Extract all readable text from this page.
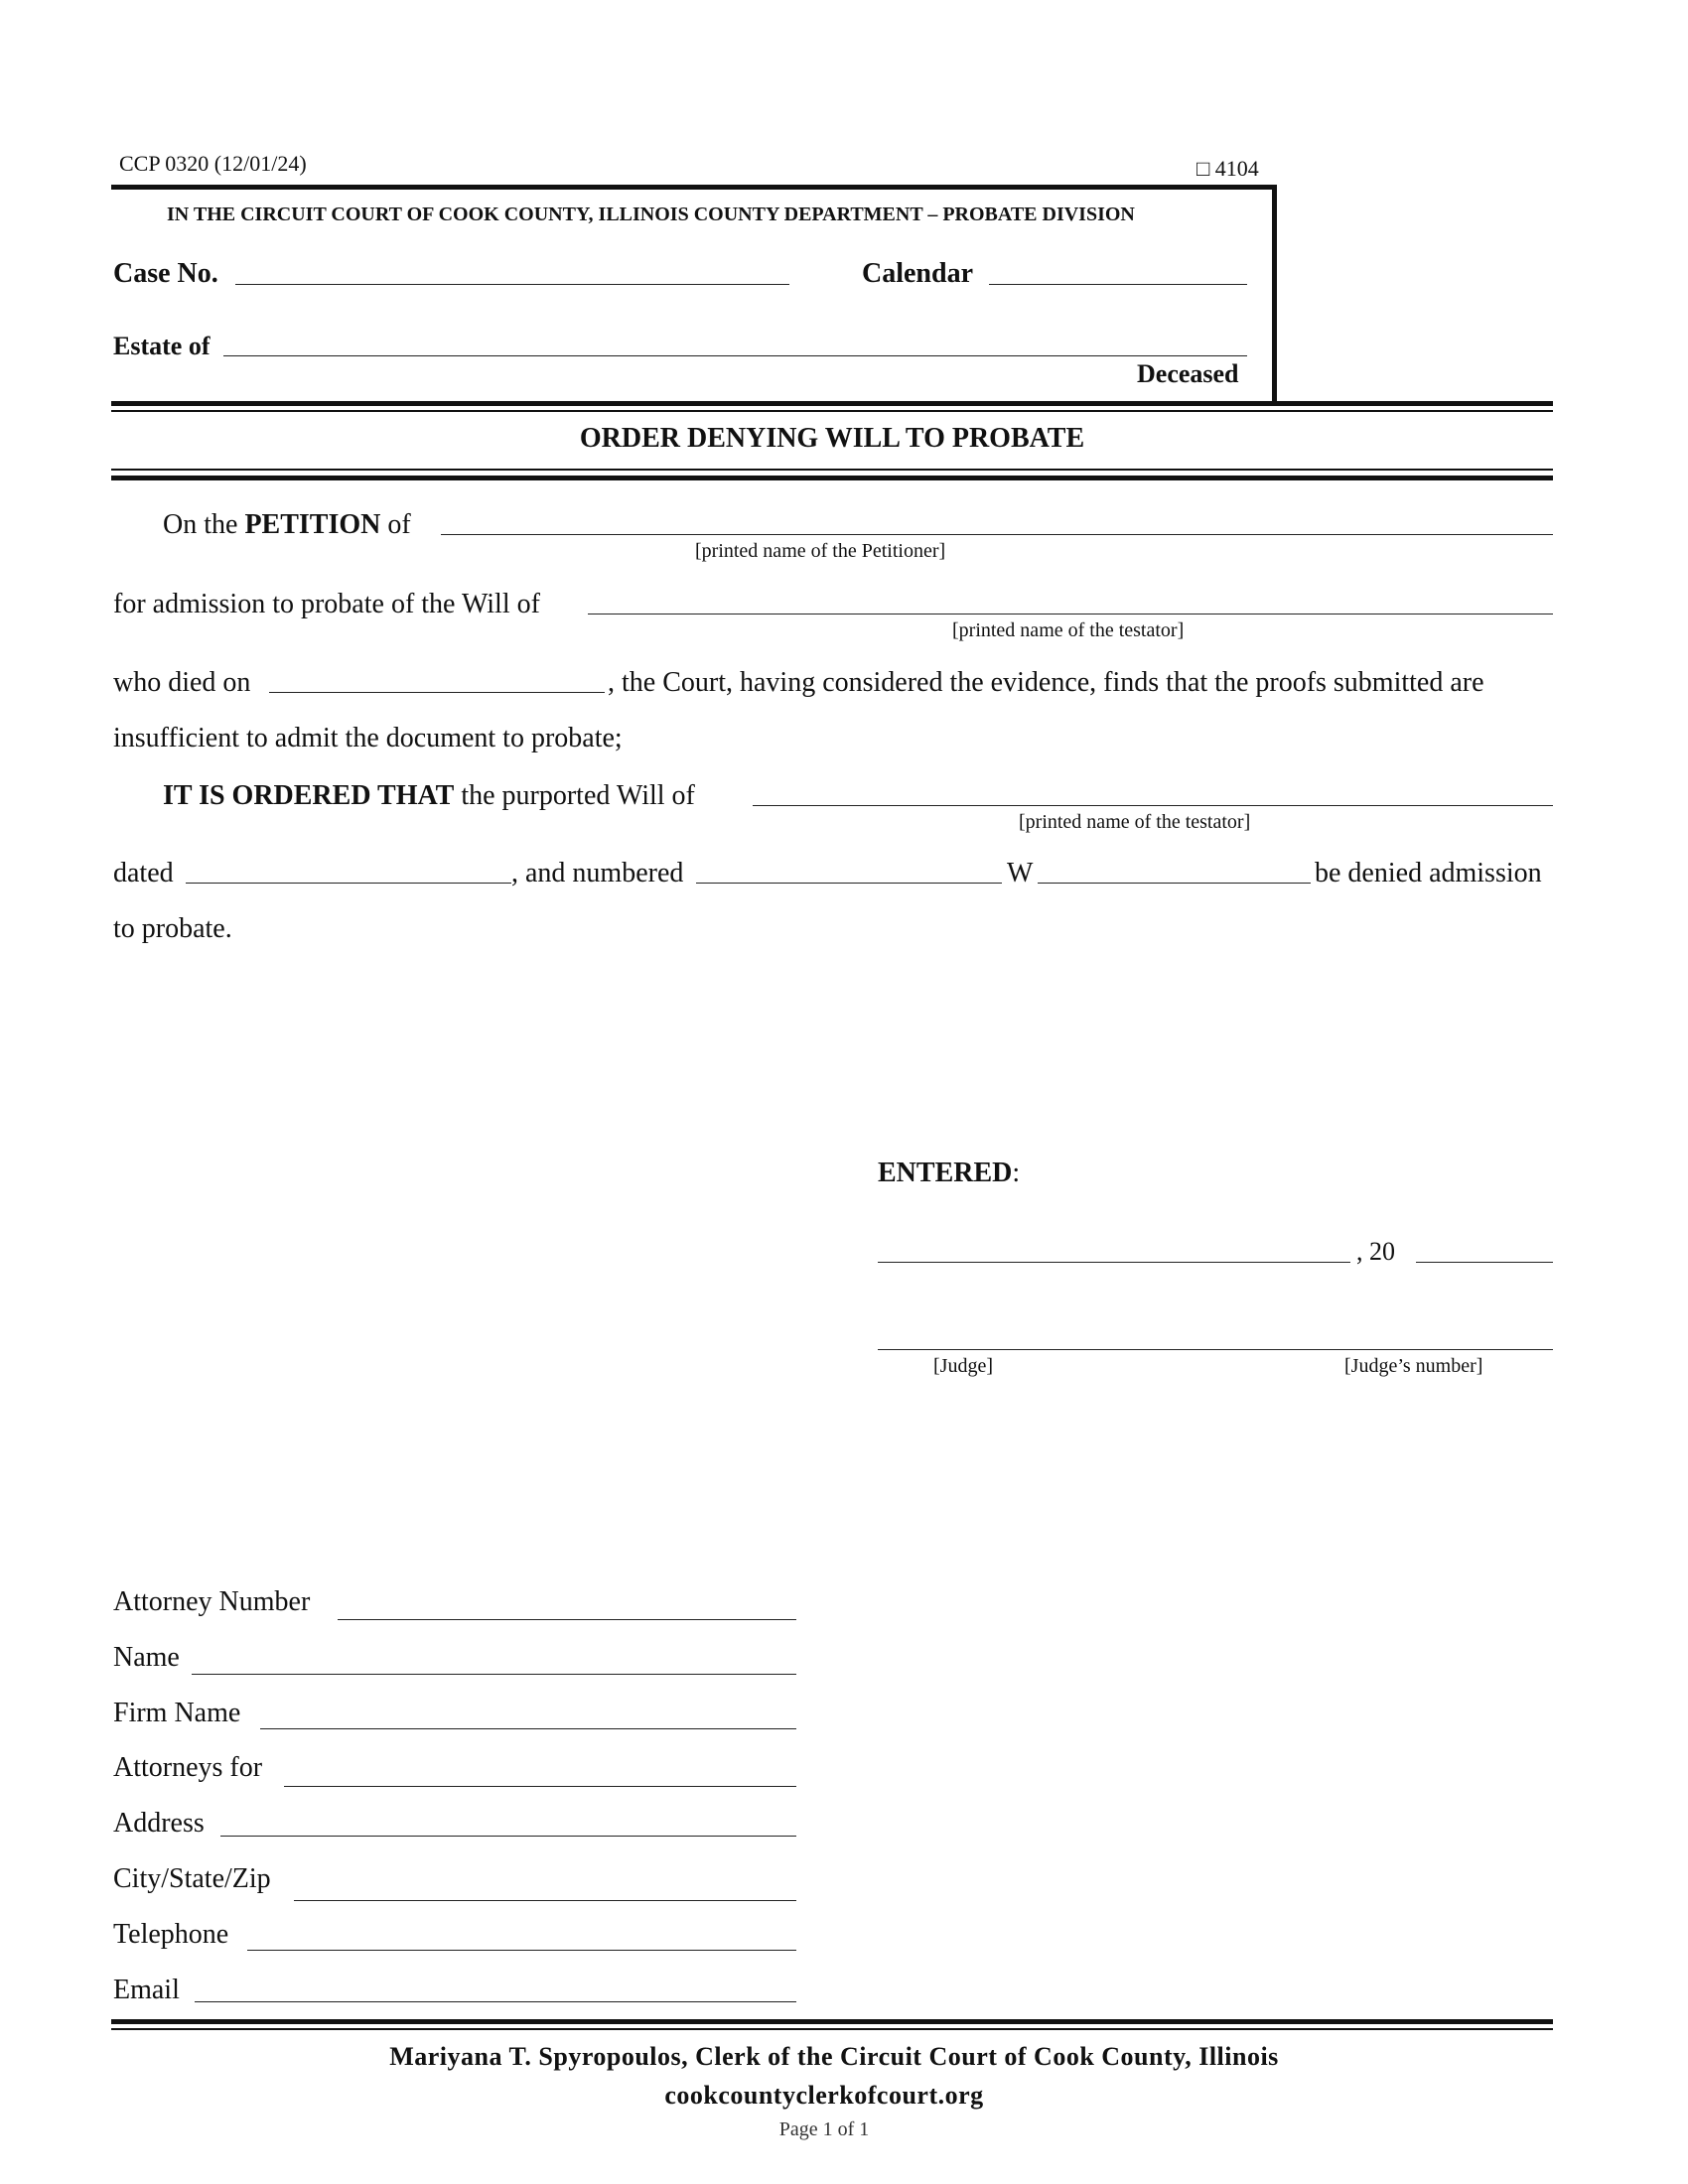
CCP 0320 (12/01/24)	□ 4104
IN THE CIRCUIT COURT OF COOK COUNTY, ILLINOIS COUNTY DEPARTMENT – PROBATE DIVISION
Case No.	Calendar
Estate of
Deceased
ORDER DENYING WILL TO PROBATE
On the PETITION of
[printed name of the Petitioner]
for admission to probate of the Will of
[printed name of the testator]
who died on	, the Court, having considered the evidence, finds that the proofs submitted are
insufficient to admit the document to probate;
IT IS ORDERED THAT the purported Will of
[printed name of the testator]
dated	, and numbered	W	be denied admission
to probate.
ENTERED:
, 20
[Judge]	[Judge’s number]
Attorney Number
Name
Firm Name
Attorneys for
Address
City/State/Zip
Telephone
Email
Mariyana T. Spyropoulos, Clerk of the Circuit Court of Cook County, Illinois
cookcountyclerkofcourt.org
Page 1 of 1
